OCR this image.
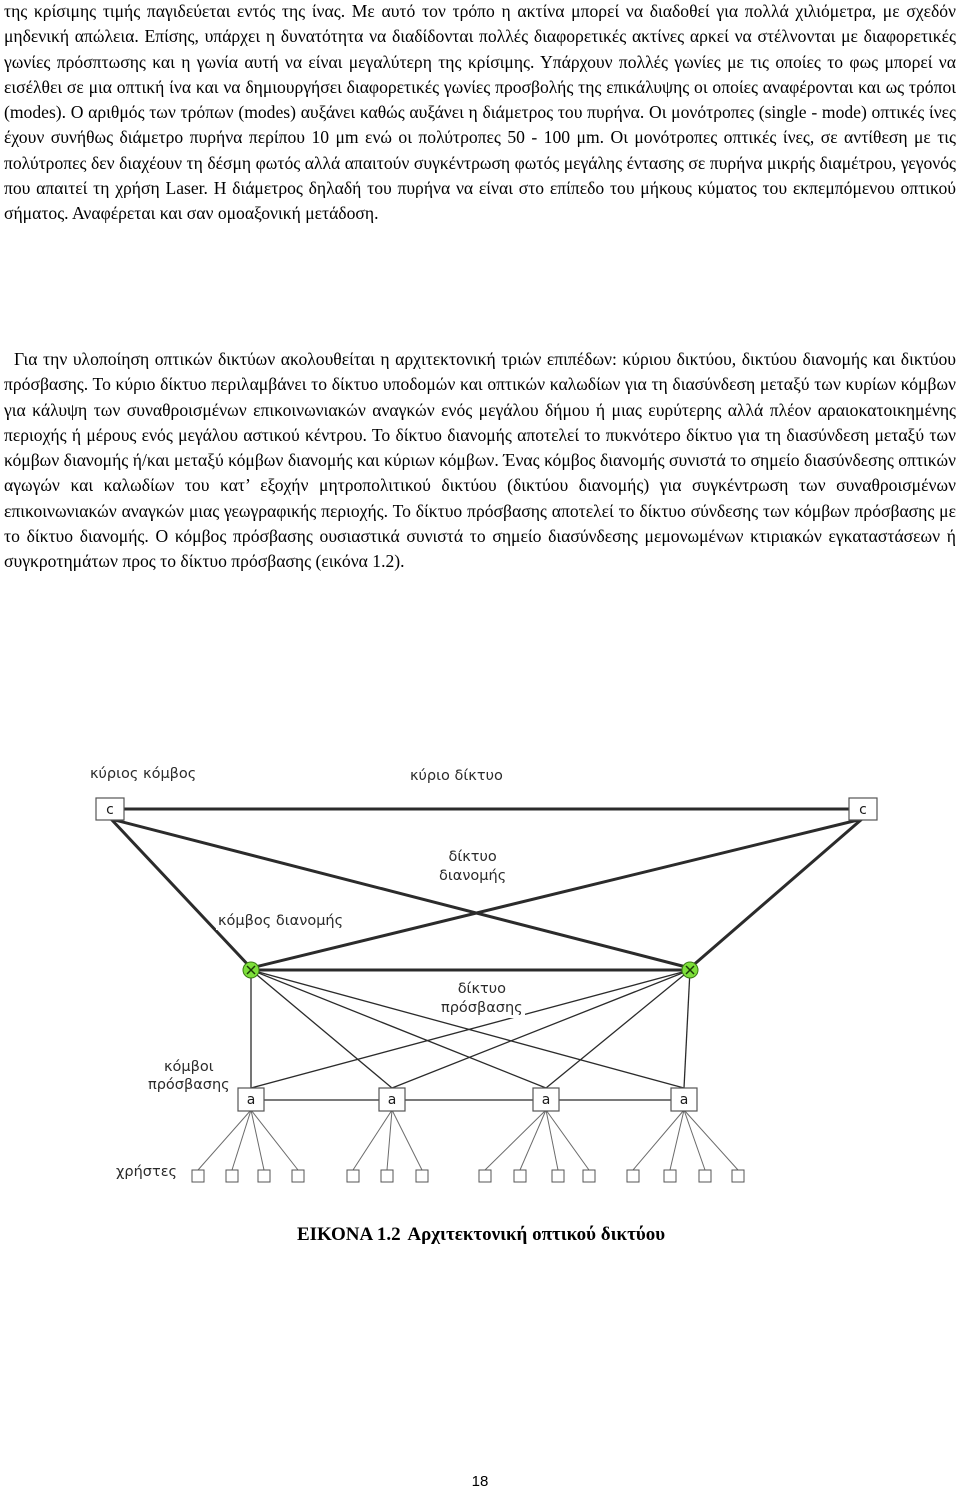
της κρίσιμης τιμής παγιδεύεται εντός της ίνας. Με αυτό τον τρόπο η ακτίνα μπορεί να διαδοθεί για πολλά χιλιόμετρα, με σχεδόν μηδενική απώλεια. Επίσης, υπάρχει η δυνατότητα να διαδίδονται πολλές διαφορετικές ακτίνες αρκεί να στέλνονται με διαφορετικές γωνίες πρόσπτωσης και η γωνία αυτή να είναι μεγαλύτερη της κρίσιμης. Υπάρχουν πολλές γωνίες με τις οποίες το φως μπορεί να εισέλθει σε μια οπτική ίνα και να δημιουργήσει διαφορετικές γωνίες προσβολής της επικάλυψης οι οποίες αναφέρονται και ως τρόποι (modes). Ο αριθμός των τρόπων (modes) αυξάνει καθώς αυξάνει η διάμετρος του πυρήνα. Οι μονότροπες (single - mode) οπτικές ίνες έχουν συνήθως διάμετρο πυρήνα περίπου 10 μm ενώ οι πολύτροπες 50 - 100 μm. Οι μονότροπες οπτικές ίνες, σε αντίθεση με τις πολύτροπες δεν διαχέουν τη δέσμη φωτός αλλά απαιτούν συγκέντρωση φωτός μεγάλης έντασης σε πυρήνα μικρής διαμέτρου, γεγονός που απαιτεί τη χρήση Laser. Η διάμετρος δηλαδή του πυρήνα να είναι στο επίπεδο του μήκους κύματος του εκπεμπόμενου οπτικού σήματος. Αναφέρεται και σαν ομοαξονική μετάδοση.

Για την υλοποίηση οπτικών δικτύων ακολουθείται η αρχιτεκτονική τριών επιπέδων: κύριου δικτύου, δικτύου διανομής και δικτύου πρόσβασης. Το κύριο δίκτυο περιλαμβάνει το δίκτυο υποδομών και οπτικών καλωδίων για τη διασύνδεση μεταξύ των κυρίων κόμβων για κάλυψη των συναθροισμένων επικοινωνιακών αναγκών ενός μεγάλου δήμου ή μιας ευρύτερης αλλά πλέον αραιοκατοικημένης περιοχής ή μέρους ενός μεγάλου αστικού κέντρου. Το δίκτυο διανομής αποτελεί το πυκνότερο δίκτυο για τη διασύνδεση μεταξύ των κόμβων διανομής ή/και μεταξύ κόμβων διανομής και κύριων κόμβων. Ένας κόμβος διανομής συνιστά το σημείο διασύνδεσης οπτικών αγωγών και καλωδίων του κατ’ εξοχήν μητροπολιτικού δικτύου (δικτύου διανομής) για συγκέντρωση των συναθροισμένων επικοινωνιακών αναγκών μιας γεωγραφικής περιοχής. Το δίκτυο πρόσβασης αποτελεί το δίκτυο σύνδεσης των κόμβων πρόσβασης με το δίκτυο διανομής. Ο κόμβος πρόσβασης ουσιαστικά συνιστά το σημείο διασύνδεσης μεμονωμένων κτιριακών εγκαταστάσεων ή συγκροτημάτων προς το δίκτυο πρόσβασης (εικόνα 1.2).

c	c
a	a	a	a
κύριος κόμβος	κύριο δίκτυο
δίκτυο
διανομής
κόμβος διανομής
δίκτυο
πρόσβασης
κόμβοι
πρόσβασης
χρήστες
ΕΙΚΟΝΑ 1.2 Αρχιτεκτονική οπτικού δικτύου
18
